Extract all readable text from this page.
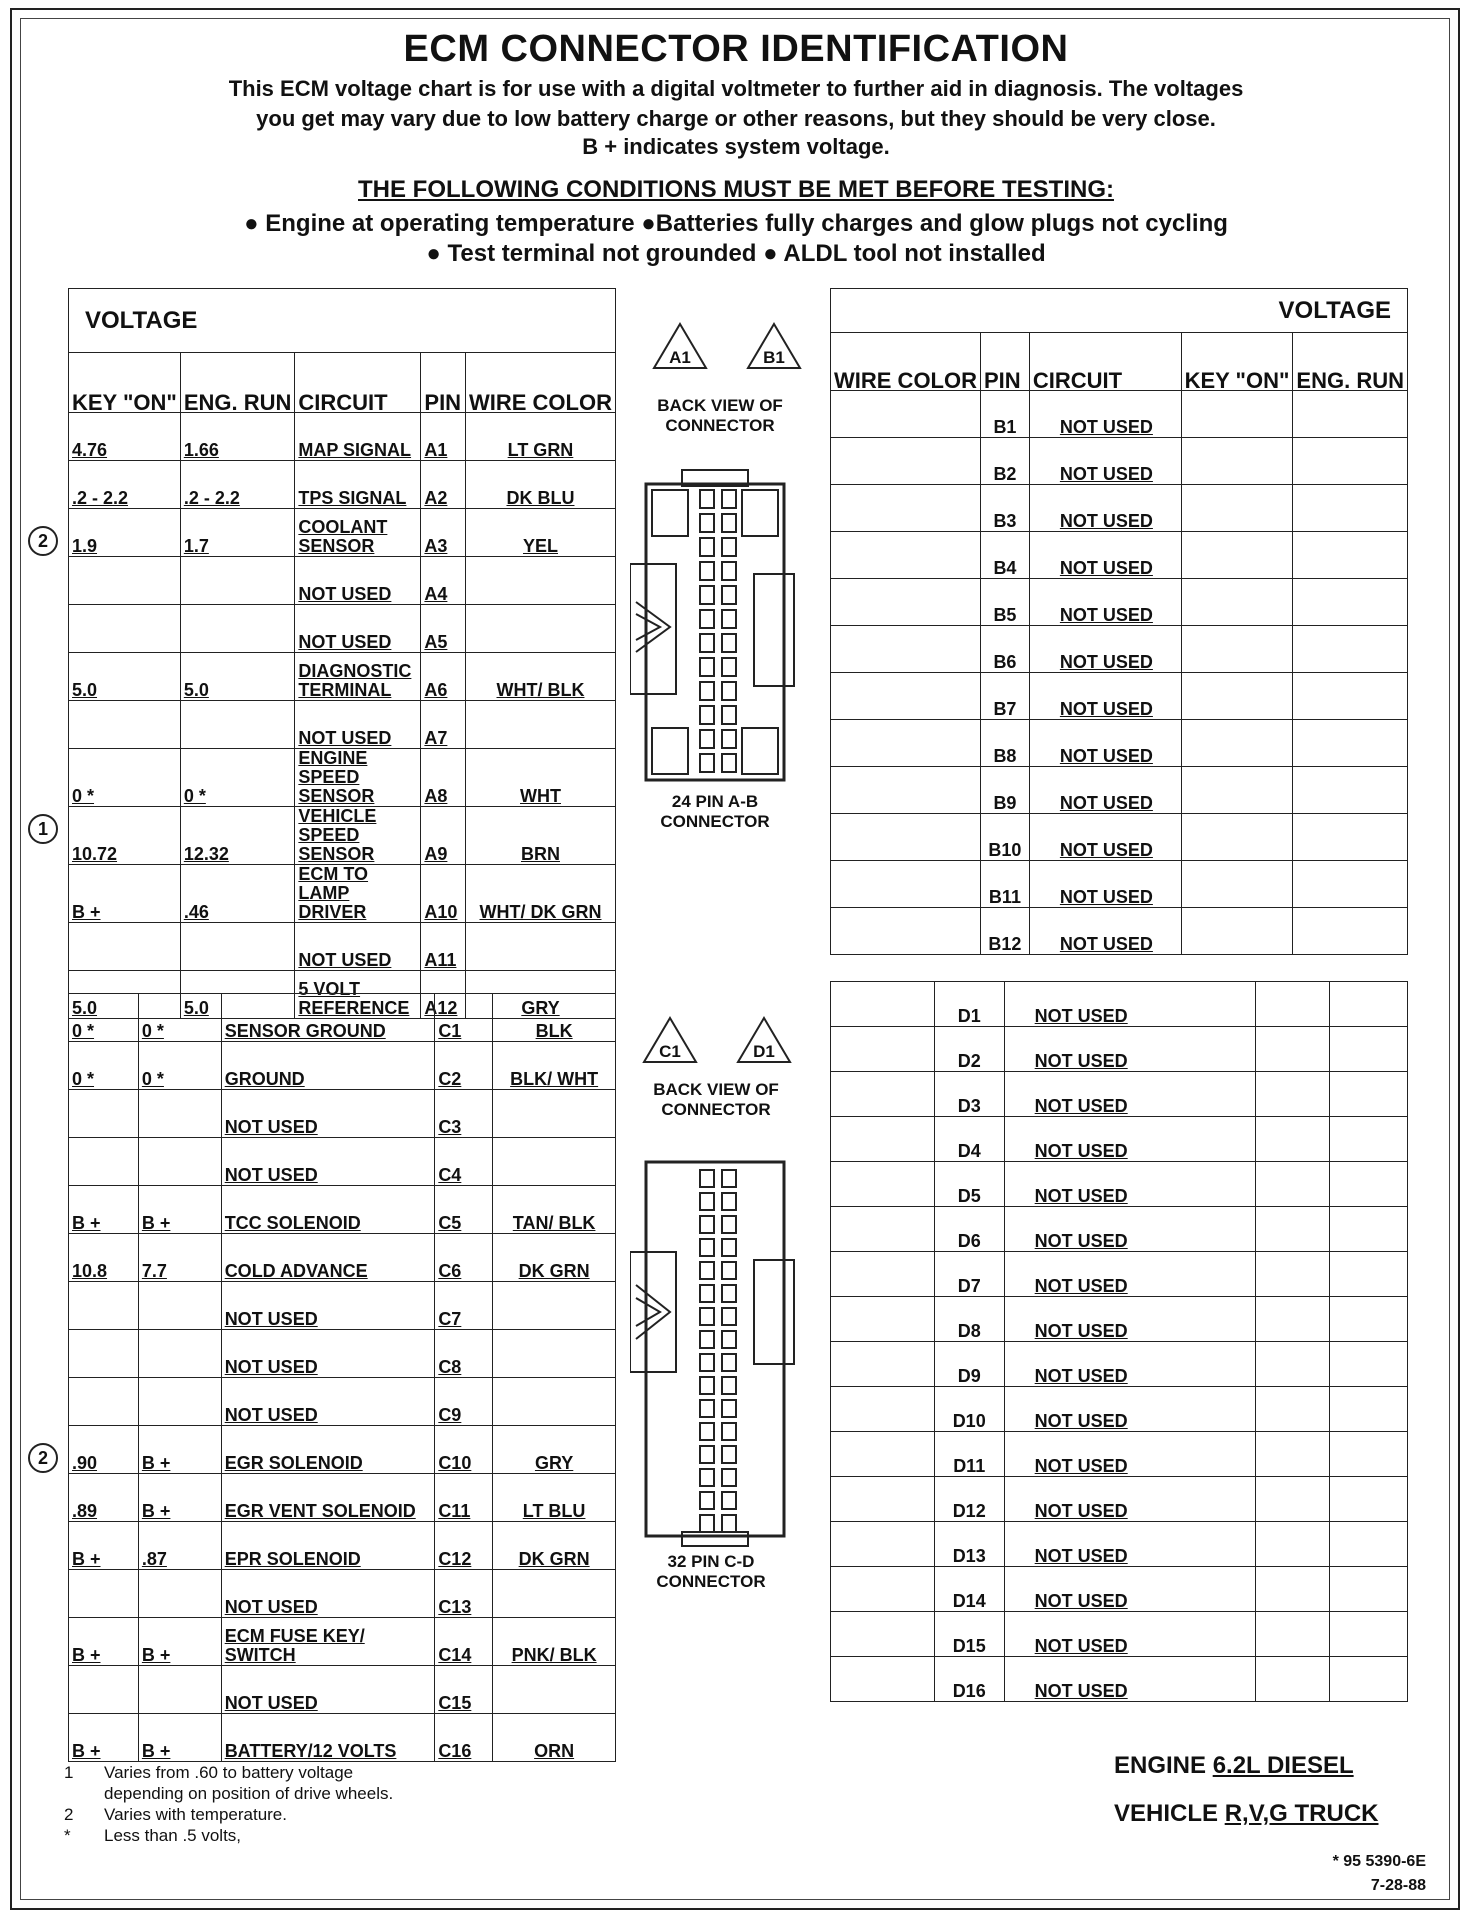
ECM CONNECTOR IDENTIFICATION
This ECM voltage chart is for use with a digital voltmeter to further aid in diagnosis. The voltages
you get may vary due to low battery charge or other reasons, but they should be very close.
B + indicates system voltage.
THE FOLLOWING CONDITIONS MUST BE MET BEFORE TESTING:
● Engine at operating temperature ●Batteries fully charges and glow plugs not cycling
● Test terminal not grounded ● ALDL tool not installed
VOLTAGE				
KEY "ON"	ENG. RUN	CIRCUIT	PIN	WIRE COLOR
4.76	1.66	MAP SIGNAL	A1	LT GRN
.2 - 2.2	.2 - 2.2	TPS SIGNAL	A2	DK BLU
1.9	1.7	COOLANT SENSOR	A3	YEL
		NOT USED	A4	
		NOT USED	A5	
5.0	5.0	DIAGNOSTIC TERMINAL	A6	WHT/ BLK
		NOT USED	A7	
0 *	0 *	ENGINE SPEED SENSOR	A8	WHT
10.72	12.32	VEHICLE SPEED SENSOR	A9	BRN
B +	.46	ECM TO LAMP DRIVER	A10	WHT/ DK GRN
		NOT USED	A11	
5.0	5.0	5 VOLT REFERENCE	A12	GRY
0 *	0 *	SENSOR GROUND	C1	BLK
0 *	0 *	GROUND	C2	BLK/ WHT
		NOT USED	C3	
		NOT USED	C4	
B +	B +	TCC SOLENOID	C5	TAN/ BLK
10.8	7.7	COLD ADVANCE	C6	DK GRN
		NOT USED	C7	
		NOT USED	C8	
		NOT USED	C9	
.90	B +	EGR SOLENOID	C10	GRY
.89	B +	EGR VENT SOLENOID	C11	LT BLU
B +	.87	EPR SOLENOID	C12	DK GRN
		NOT USED	C13	
B +	B +	ECM FUSE KEY/ SWITCH	C14	PNK/ BLK
		NOT USED	C15	
B +	B +	BATTERY/12 VOLTS	C16	ORN
VOLTAGE				
WIRE COLOR	PIN	CIRCUIT	KEY "ON"	ENG. RUN
	B1	NOT USED		
	B2	NOT USED		
	B3	NOT USED		
	B4	NOT USED		
	B5	NOT USED		
	B6	NOT USED		
	B7	NOT USED		
	B8	NOT USED		
	B9	NOT USED		
	B10	NOT USED		
	B11	NOT USED		
	B12	NOT USED		
	D1	NOT USED		
	D2	NOT USED		
	D3	NOT USED		
	D4	NOT USED		
	D5	NOT USED		
	D6	NOT USED		
	D7	NOT USED		
	D8	NOT USED		
	D9	NOT USED		
	D10	NOT USED		
	D11	NOT USED		
	D12	NOT USED		
	D13	NOT USED		
	D14	NOT USED		
	D15	NOT USED		
	D16	NOT USED		
A1	B1
BACK VIEW OF CONNECTOR
24 PIN A-B
CONNECTOR
C1	D1
BACK VIEW OF CONNECTOR
32 PIN C-D
CONNECTOR
2
1
2
1 Varies from .60 to battery voltage
depending on position of drive wheels.
2 Varies with temperature.
* Less than .5 volts,
ENGINE 6.2L DIESEL
VEHICLE R,V,G TRUCK
* 95 5390-6E
7-28-88
